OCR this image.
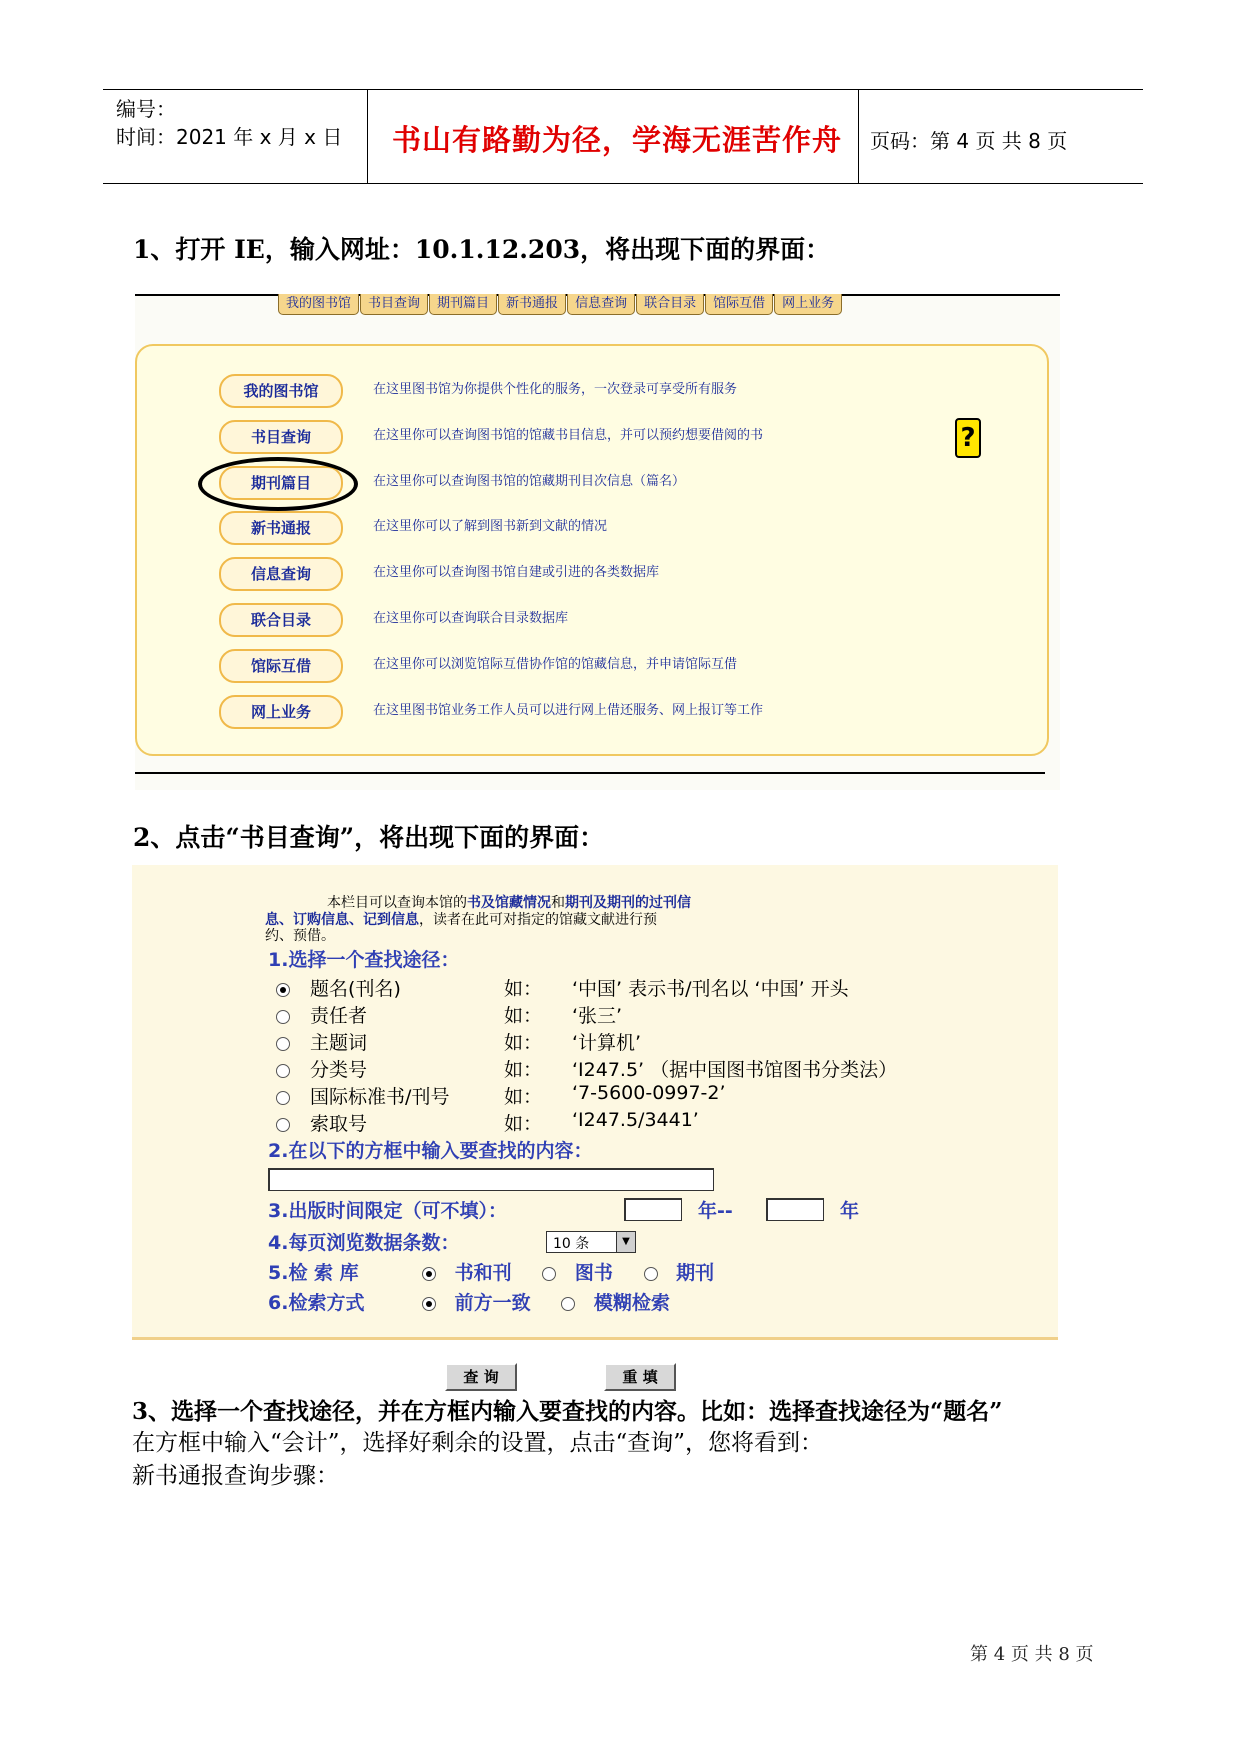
编号：
时间：2021 年 x 月 x 日 书山有路勤为径，学海无涯苦作舟 页码：第 4 页 共 8 页
1、打开 IE，输入网址：10.1.12.203，将出现下面的界面：
我的图书馆	书目查询	期刊篇目	新书通报	信息查询	联合目录	馆际互借	网上业务
?
我的图书馆	在这里图书馆为你提供个性化的服务，一次登录可享受所有服务
书目查询	在这里你可以查询图书馆的馆藏书目信息，并可以预约想要借阅的书
期刊篇目	在这里你可以查询图书馆的馆藏期刊目次信息（篇名）
新书通报	在这里你可以了解到图书新到文献的情况
信息查询	在这里你可以查询图书馆自建或引进的各类数据库
联合目录	在这里你可以查询联合目录数据库
馆际互借	在这里你可以浏览馆际互借协作馆的馆藏信息，并申请馆际互借
网上业务	在这里图书馆业务工作人员可以进行网上借还服务、网上报订等工作
2、点击“书目查询”，将出现下面的界面：
本栏目可以查询本馆的书及馆藏情况和期刊及期刊的过刊信
息、订购信息、记到信息，读者在此可对指定的馆藏文献进行预
约、预借。
1.选择一个查找途径：
题名(刊名)	如： ‘中国’ 表示书/刊名以 ‘中国’ 开头
责任者	如： ‘张三’
主题词	如： ‘计算机’
分类号	如： ‘I247.5’ （据中国图书馆图书分类法）
国际标准书/刊号	如： ‘7-5600-0997-2’
索取号	如： ‘I247.5/3441’
2.在以下的方框中输入要查找的内容：
3.出版时间限定（可不填）：	年--	年
4.每页浏览数据条数：	10 条	▼
5.检 索 库	书和刊	图书	期刊
6.检索方式	前方一致	模糊检索
查 询	重 填
3、选择一个查找途径，并在方框内输入要查找的内容。比如：选择查找途径为“题名”
在方框中输入“会计”，选择好剩余的设置，点击“查询”，您将看到：
新书通报查询步骤：
第 4 页 共 8 页
